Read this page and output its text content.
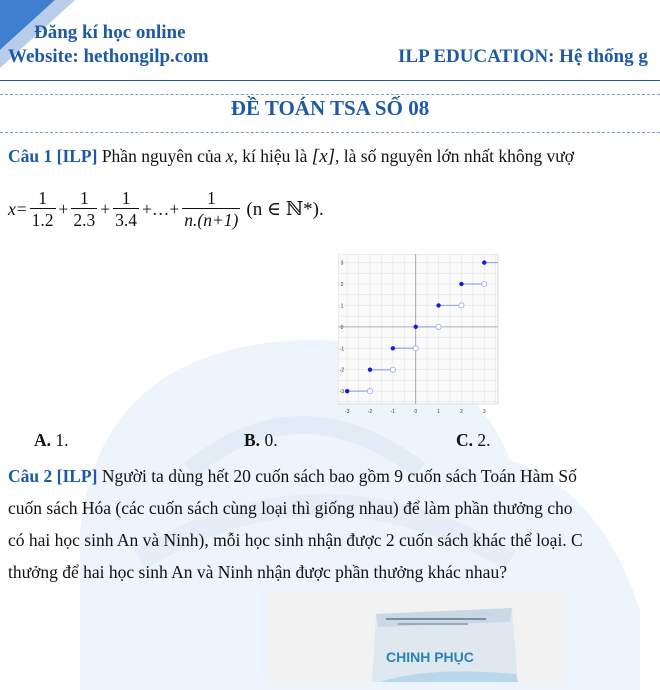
Đăng kí học online
Website: hethongilp.com	ILP EDUCATION: Hệ thống g
ĐỀ TOÁN TSA SỐ 08
Câu 1 [ILP] Phần nguyên của x, kí hiệu là [x], là số nguyên lớn nhất không vượ
$x = \frac{1}{1.2} + \frac{1}{2.3} + \frac{1}{3.4}$ +…+ $\frac{1}{n.(n+1)} (n$ ∈ ℕ*).
-3	-2	-1	0	1	2	3
3
2
1
0
-1
-2
-3
A. 1.	B. 0.	C. 2.
Câu 2 [ILP] Người ta dùng hết 20 cuốn sách bao gồm 9 cuốn sách Toán Hàm Số
cuốn sách Hóa (các cuốn sách cùng loại thì giống nhau) để làm phần thưởng cho
có hai học sinh An và Ninh), mỗi học sinh nhận được 2 cuốn sách khác thể loại. C
thưởng để hai học sinh An và Ninh nhận được phần thưởng khác nhau?
CHINH PHỤC
